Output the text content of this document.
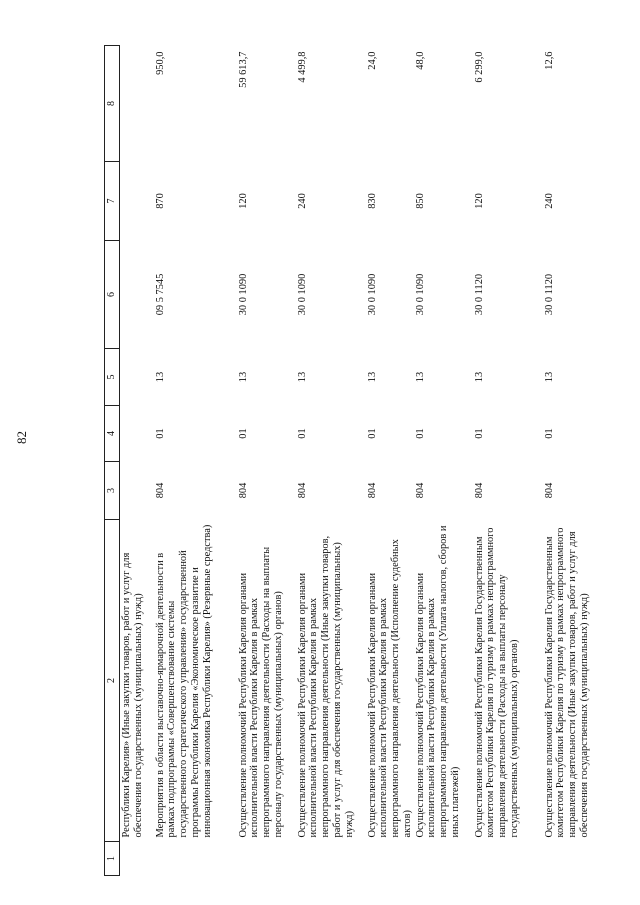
82
1	2	3	4	5	6	7	8
	Республики Карелия» (Иные закупки товаров, работ и услуг для обеспечения государственных (муниципальных) нужд)						
	Мероприятия в области выставочно-ярмарочной деятельности в рамках подпрограммы «Совершенствование системы государственного стратегического управления» государственной программы Республики Карелия «Экономическое развитие и инновационная экономика Республики Карелия» (Резервные средства)	804	01	13	09 5 7545	870	950,0
	Осуществление полномочий Республики Карелия органами исполнительной власти Республики Карелия в рамках непрограммного направления деятельности (Расходы на выплаты персоналу государственных (муниципальных) органов)	804	01	13	30 0 1090	120	59 613,7
	Осуществление полномочий Республики Карелия органами исполнительной власти Республики Карелия в рамках непрограммного направления деятельности (Иные закупки товаров, работ и услуг для обеспечения государственных (муниципальных) нужд)	804	01	13	30 0 1090	240	4 499,8
	Осуществление полномочий Республики Карелия органами исполнительной власти Республики Карелия в рамках непрограммного направления деятельности (Исполнение судебных актов)	804	01	13	30 0 1090	830	24,0
	Осуществление полномочий Республики Карелия органами исполнительной власти Республики Карелия в рамках непрограммного направления деятельности (Уплата налогов, сборов и иных платежей)	804	01	13	30 0 1090	850	48,0
	Осуществление полномочий Республики Карелия Государственным комитетом Республики Карелия по туризму в рамках непрограммного направления деятельности (Расходы на выплаты персоналу государственных (муниципальных) органов)	804	01	13	30 0 1120	120	6 299,0
	Осуществление полномочий Республики Карелия Государственным комитетом Республики Карелия по туризму в рамках непрограммного направления деятельности (Иные закупки товаров, работ и услуг для обеспечения государственных (муниципальных) нужд)	804	01	13	30 0 1120	240	12,6
